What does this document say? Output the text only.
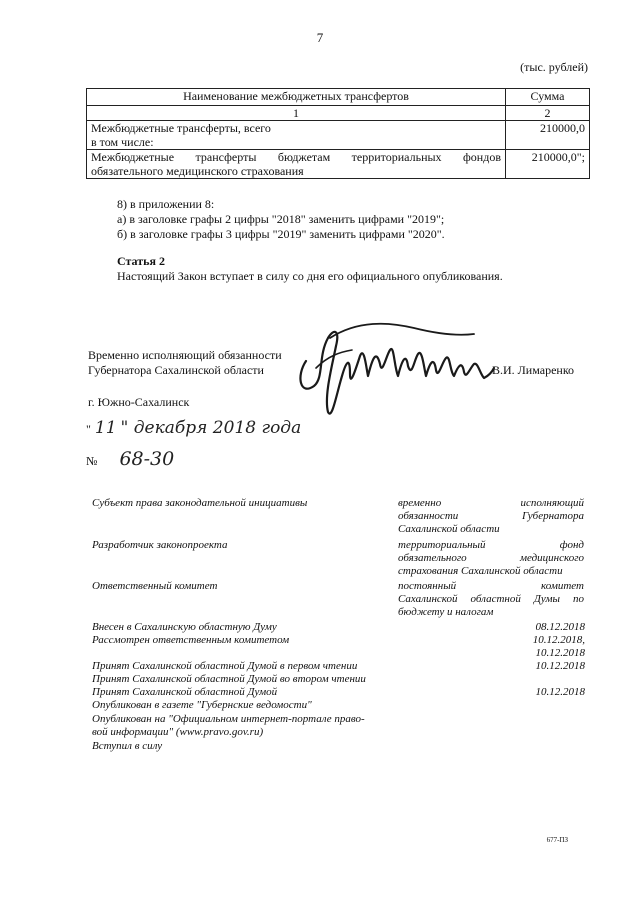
7
(тыс. рублей)
Наименование межбюджетных трансфертов	Сумма
1	2

Межбюджетные трансферты, всего
в том числе:	210000,0

Межбюджетные трансферты бюджетам территориальных фондов
обязательного медицинского страхования	210000,0";
8) в приложении 8:
а) в заголовке графы 2 цифры "2018" заменить цифрами "2019";
б) в заголовке графы 3 цифры "2019" заменить цифрами "2020".
Статья 2
Настоящий Закон вступает в силу со дня его официального опубликования.
Временно исполняющий обязанности
Губернатора Сахалинской области	В.И. Лимаренко
г. Южно-Сахалинск
" 11 " декабря 2018 года
№ 68-30
Субъект права законодательной инициативы	временно исполняющий
обязанности Губернатора
Сахалинской области
Разработчик законопроекта	территориальный фонд
обязательного медицинского
страхования Сахалинской области
Ответственный комитет	постоянный комитет
Сахалинской областной Думы по
бюджету и налогам
Внесен в Сахалинскую областную Думу	08.12.2018
Рассмотрен ответственным комитетом	10.12.2018,
10.12.2018
Принят Сахалинской областной Думой в первом чтении	10.12.2018
Принят Сахалинской областной Думой во втором чтении
Принят Сахалинской областной Думой	10.12.2018
Опубликован в газете "Губернские ведомости"
Опубликован на "Официальном интернет-портале право-
вой информации" (www.pravo.gov.ru)
Вступил в силу
677-ПЗ
